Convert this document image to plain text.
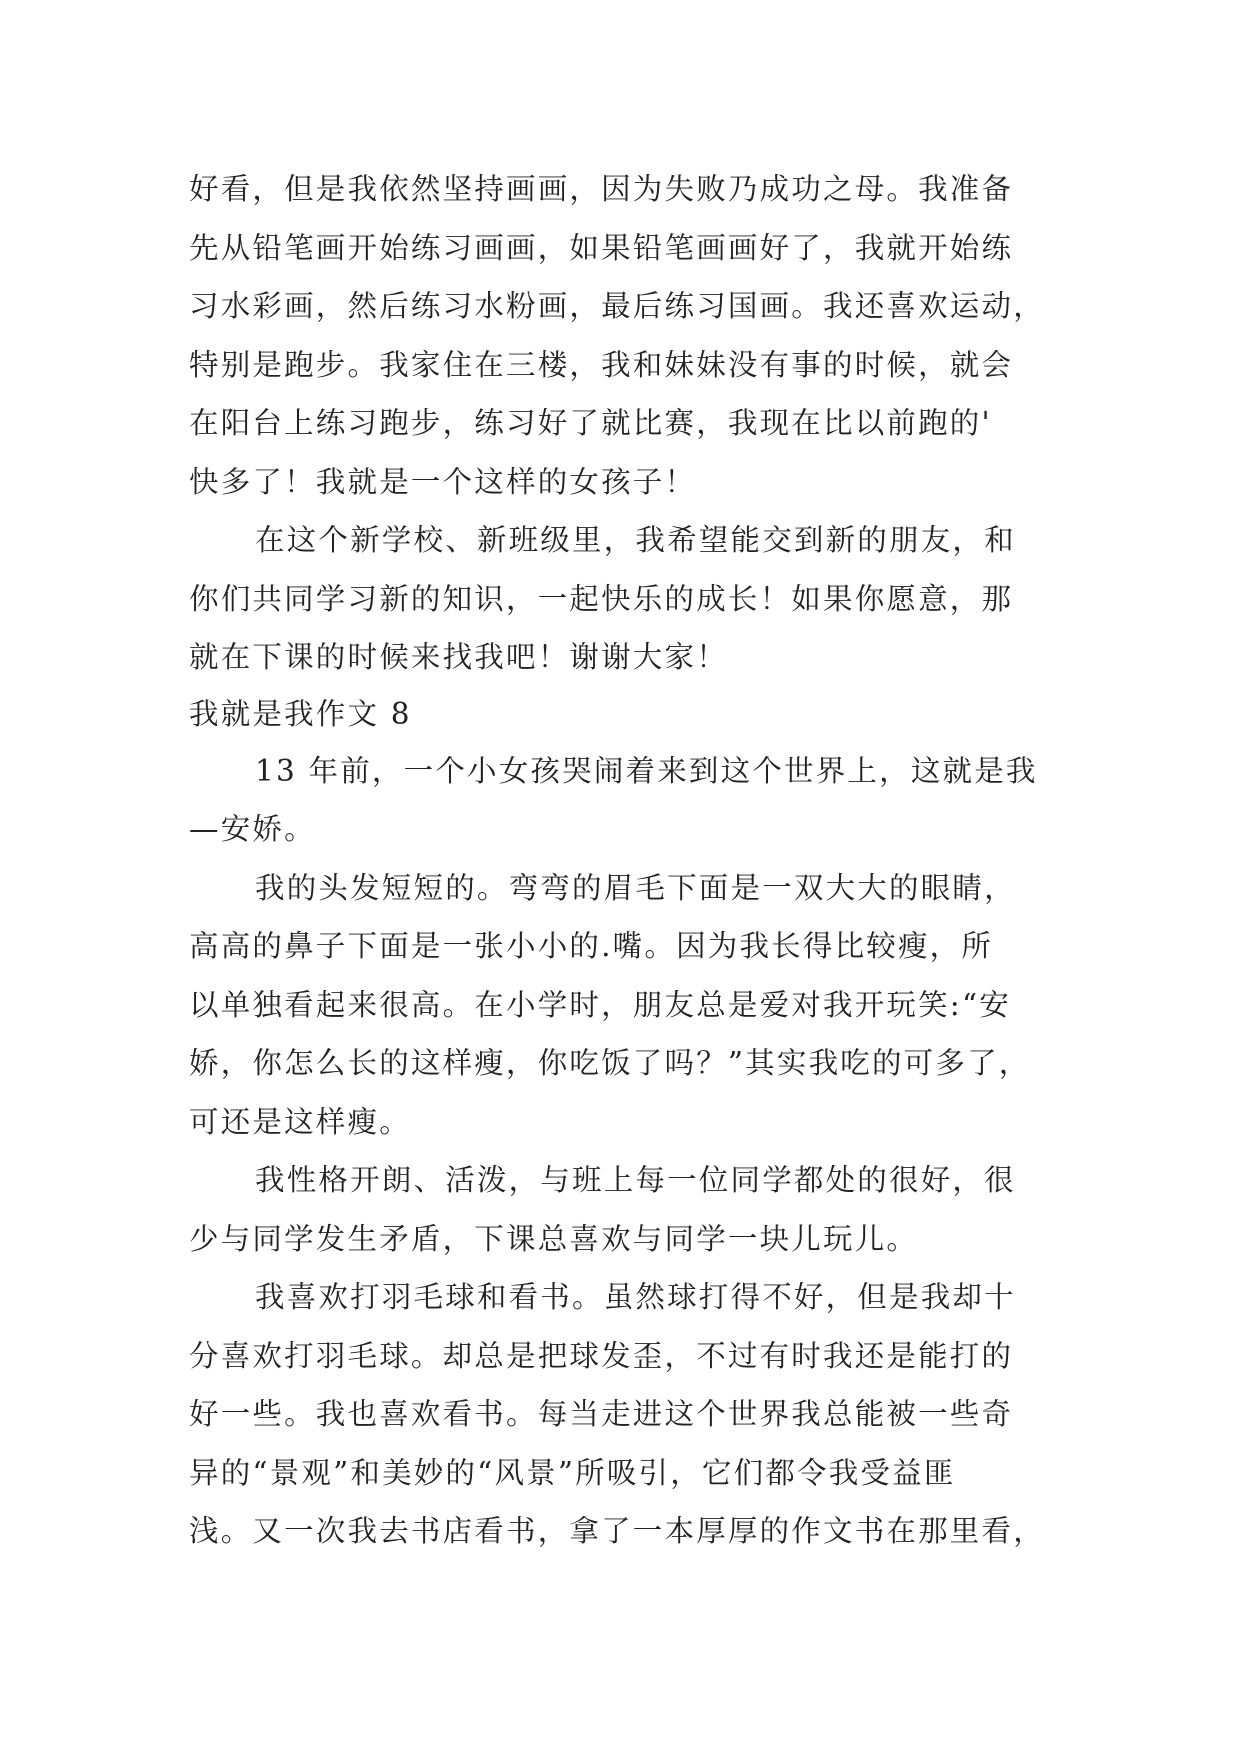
好看，但是我依然坚持画画，因为失败乃成功之母。我准备
先从铅笔画开始练习画画，如果铅笔画画好了，我就开始练
习水彩画，然后练习水粉画，最后练习国画。我还喜欢运动，
特别是跑步。我家住在三楼，我和妹妹没有事的时候，就会
在阳台上练习跑步，练习好了就比赛，我现在比以前跑的'
快多了！我就是一个这样的女孩子！
在这个新学校、新班级里，我希望能交到新的朋友，和
你们共同学习新的知识，一起快乐的成长！如果你愿意，那
就在下课的时候来找我吧！谢谢大家！
我就是我作文 8
13 年前，一个小女孩哭闹着来到这个世界上，这就是我
—安娇。
我的头发短短的。弯弯的眉毛下面是一双大大的眼睛，
高高的鼻子下面是一张小小的.嘴。因为我长得比较瘦，所
以单独看起来很高。在小学时，朋友总是爱对我开玩笑:“安
娇，你怎么长的这样瘦，你吃饭了吗？”其实我吃的可多了，
可还是这样瘦。
我性格开朗、活泼，与班上每一位同学都处的很好，很
少与同学发生矛盾，下课总喜欢与同学一块儿玩儿。
我喜欢打羽毛球和看书。虽然球打得不好，但是我却十
分喜欢打羽毛球。却总是把球发歪，不过有时我还是能打的
好一些。我也喜欢看书。每当走进这个世界我总能被一些奇
异的“景观”和美妙的“风景”所吸引，它们都令我受益匪
浅。又一次我去书店看书，拿了一本厚厚的作文书在那里看，
